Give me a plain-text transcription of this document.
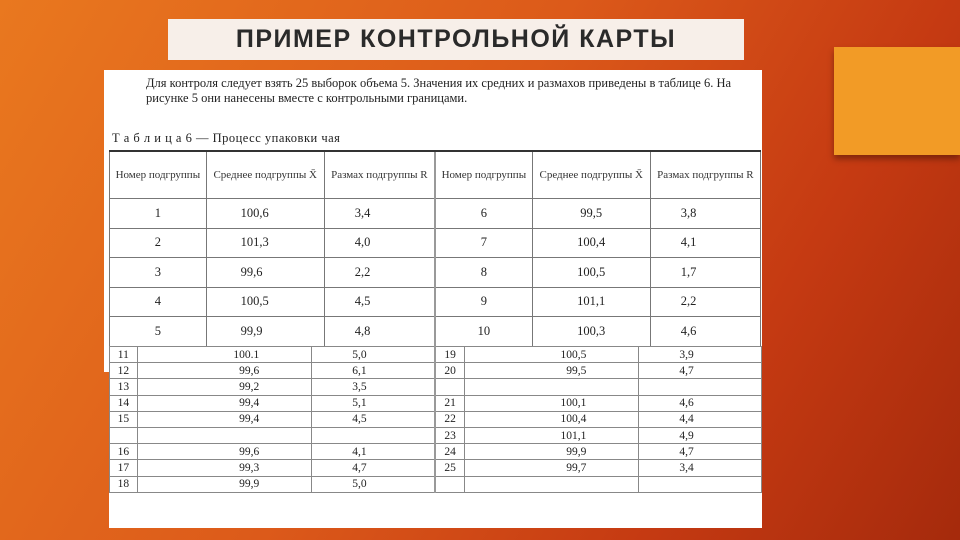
ПРИМЕР КОНТРОЛЬНОЙ КАРТЫ
Для контроля следует взять 25 выборок объема 5. Значения их средних и размахов приведены в таблице 6. На рисунке 5 они нанесены вместе с контрольными границами.
Т а б л и ц а 6 — Процесс упаковки чая
Номер подгруппы	Среднее подгруппы X̄	Размах подгруппы R	Номер подгруппы	Среднее подгруппы X̄	Размах подгруппы R
1	100,6	3,4	6	99,5	3,8
2	101,3	4,0	7	100,4	4,1
3	99,6	2,2	8	100,5	1,7
4	100,5	4,5	9	101,1	2,2
5	99,9	4,8	10	100,3	4,6
11	100.1	5,0	19	100,5	3,9
12	99,6	6,1	20	99,5	4,7
13	99,2	3,5			
14	99,4	5,1	21	100,1	4,6
15	99,4	4,5	22	100,4	4,4
			23	101,1	4,9
16	99,6	4,1	24	99,9	4,7
17	99,3	4,7	25	99,7	3,4
18	99,9	5,0			
